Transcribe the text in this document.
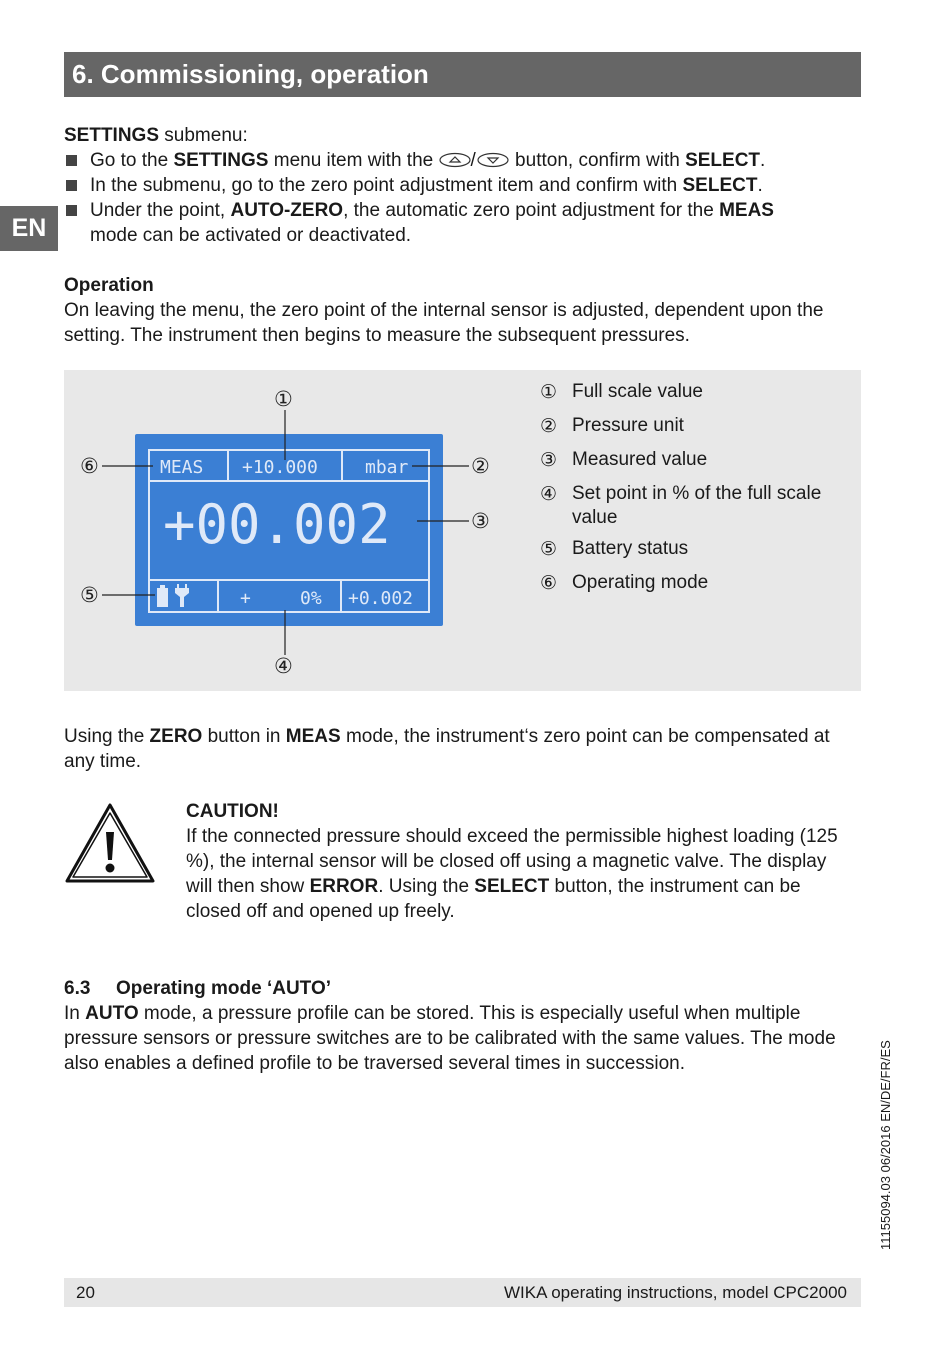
6. Commissioning, operation
EN
SETTINGS submenu:
Go to the SETTINGS menu item with the / button, confirm with SELECT.
In the submenu, go to the zero point adjustment item and confirm with SELECT.
Under the point, AUTO-ZERO, the automatic zero point adjustment for the MEAS
mode can be activated or deactivated.
Operation
On leaving the menu, the zero point of the internal sensor is adjusted, dependent upon the setting. The instrument then begins to measure the subsequent pressures.
MEAS +10.000	mbar
+00.002
+	0% +0.002
①
②
③
④
⑤
⑥
① Full scale value
② Pressure unit
③ Measured value
④ Set point in % of the full scale value
⑤ Battery status
⑥ Operating mode
Using the ZERO button in MEAS mode, the instrument‘s zero point can be compensated at any time.
CAUTION!
If the connected pressure should exceed the permissible highest loading (125 %), the internal sensor will be closed off using a magnetic valve. The display will then show ERROR. Using the SELECT button, the instrument can be closed off and opened up freely.
6.3 Operating mode ‘AUTO’
In AUTO mode, a pressure profile can be stored. This is especially useful when multiple pressure sensors or pressure switches are to be calibrated with the same values. The mode also enables a defined profile to be traversed several times in succession.	11155094.03 06/2016 EN/DE/FR/ES
20	WIKA operating instructions, model CPC2000
